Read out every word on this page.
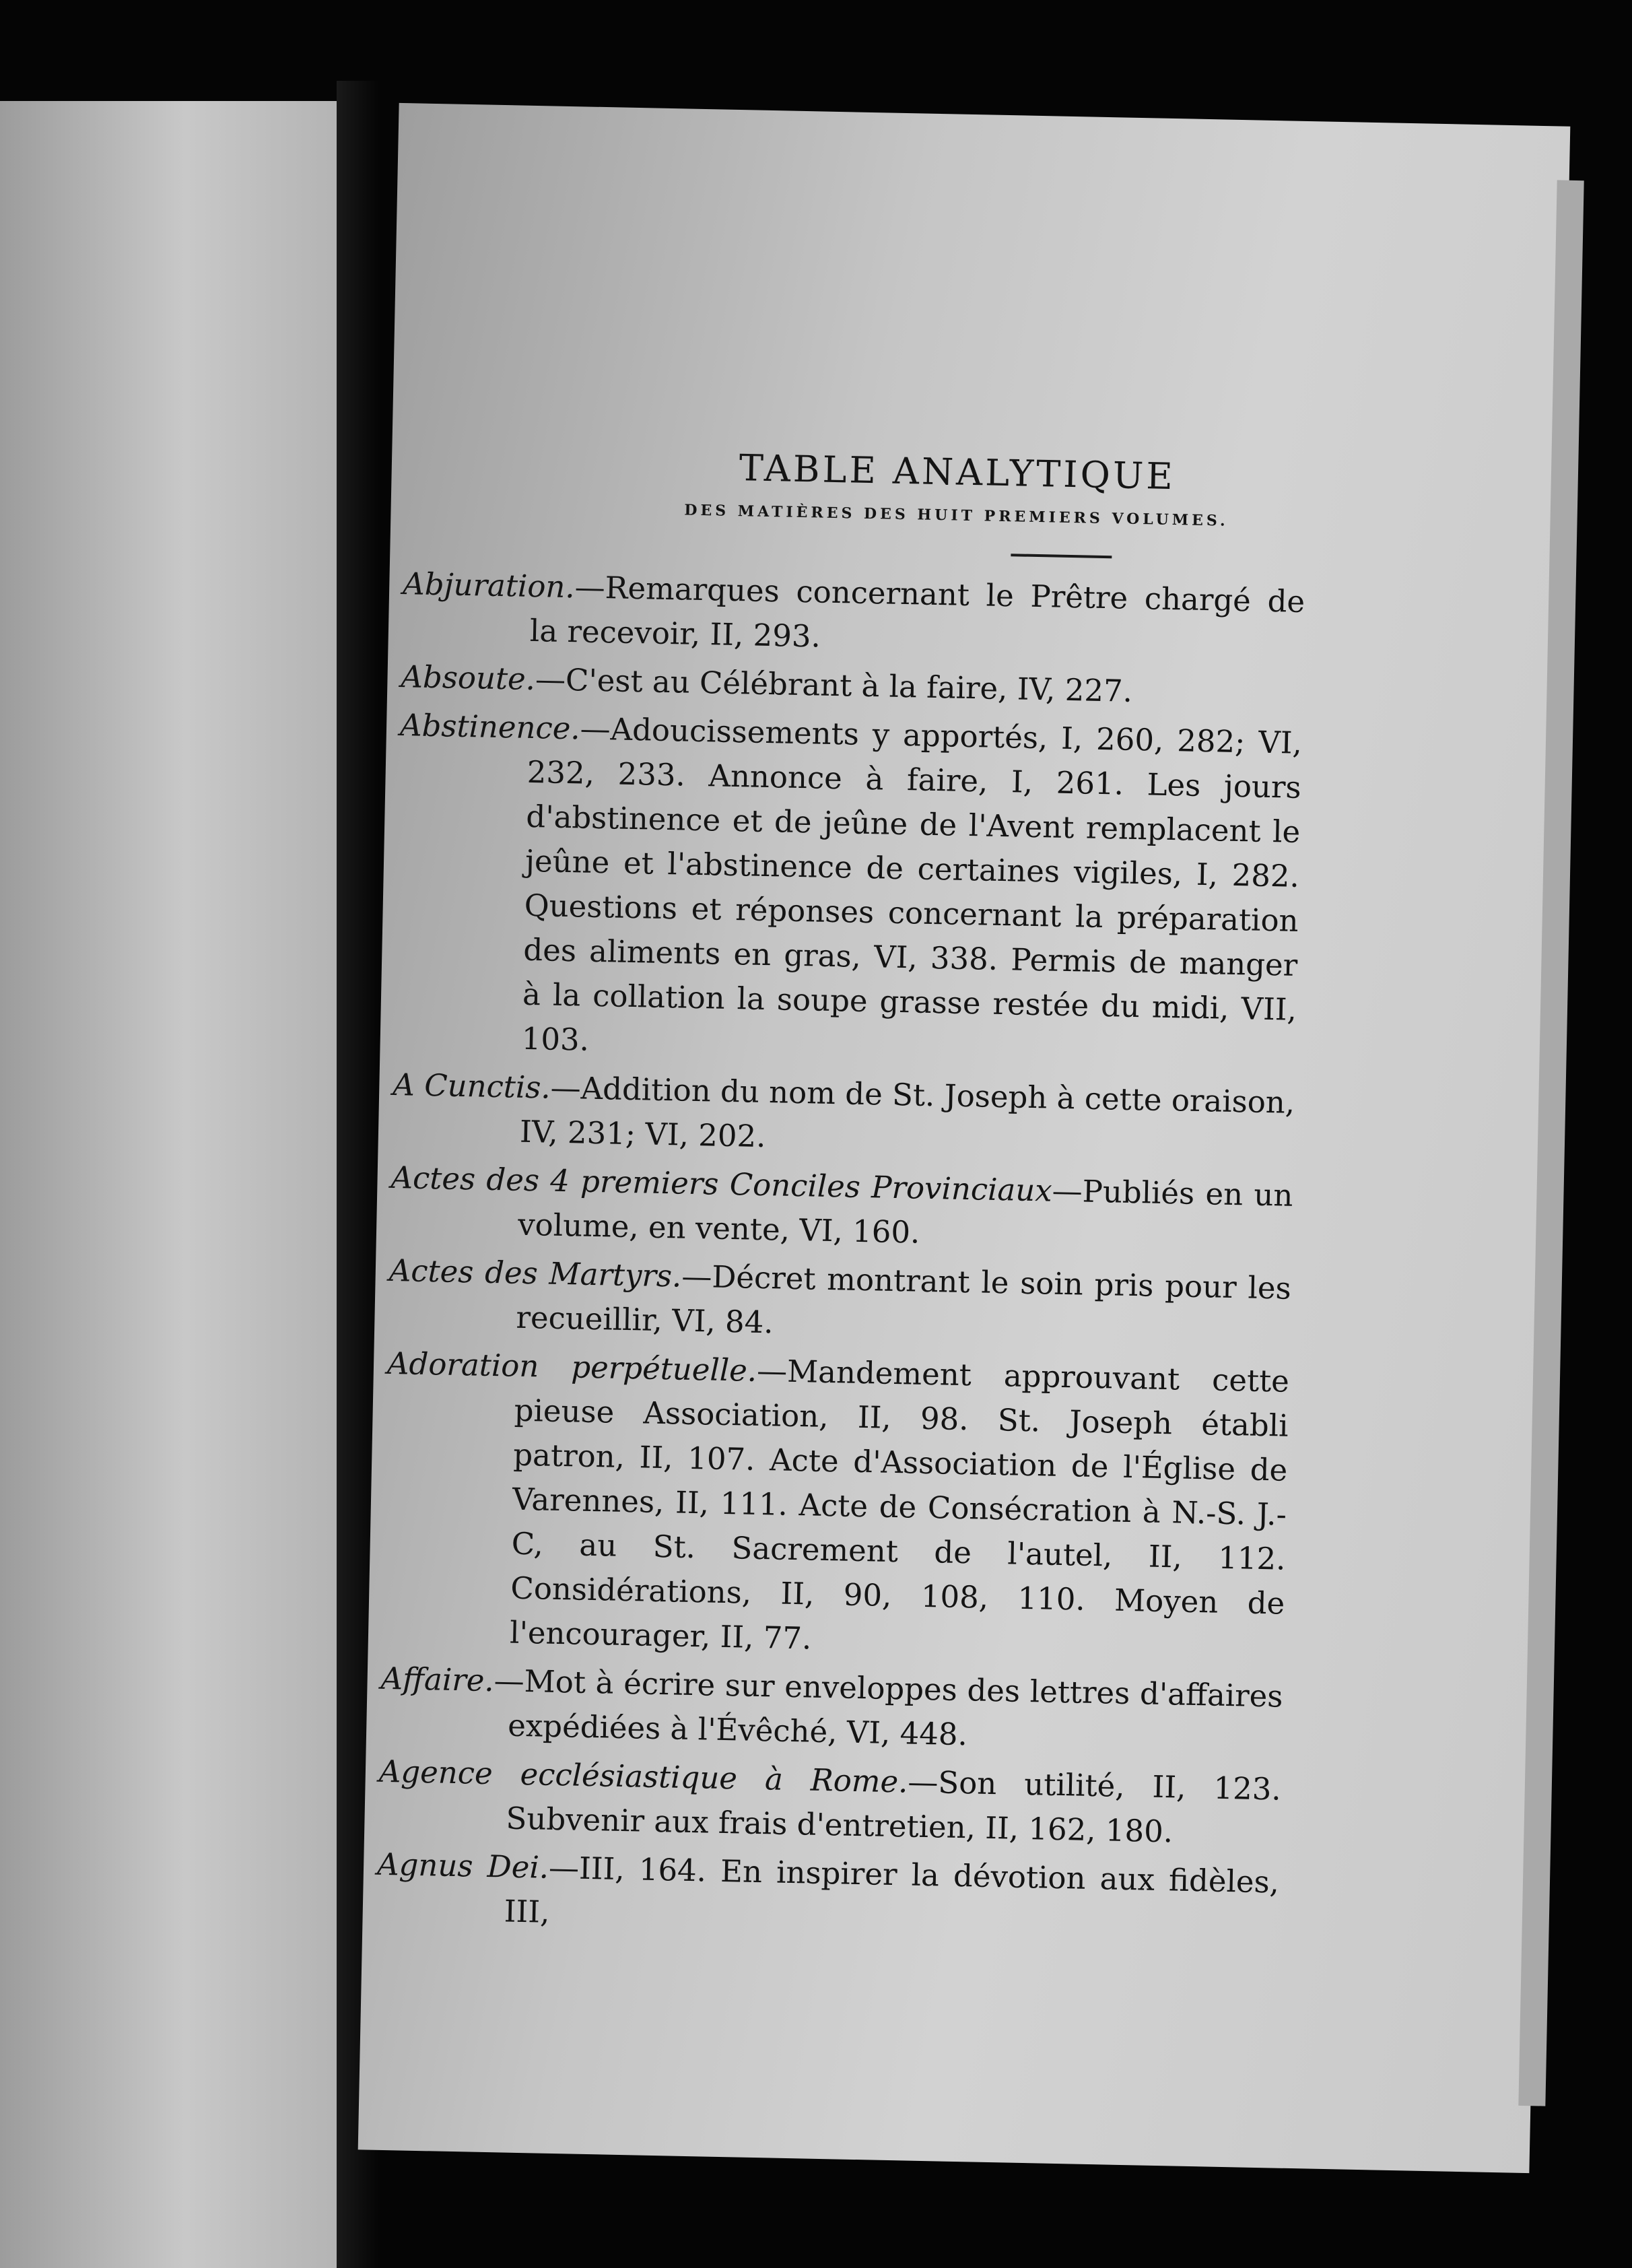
TABLE ANALYTIQUE
DES MATIÈRES DES HUIT PREMIERS VOLUMES.
Abjuration.—Remarques concernant le Prêtre chargé de la recevoir, II, 293.
Absoute.—C'est au Célébrant à la faire, IV, 227.
Abstinence.—Adoucissements y apportés, I, 260, 282; VI, 232, 233. Annonce à faire, I, 261. Les jours d'abstinence et de jeûne de l'Avent remplacent le jeûne et l'abstinence de certaines vigiles, I, 282. Questions et réponses concernant la préparation des aliments en gras, VI, 338. Permis de manger à la collation la soupe grasse restée du midi, VII, 103.
A Cunctis.—Addition du nom de St. Joseph à cette oraison, IV, 231; VI, 202.
Actes des 4 premiers Conciles Provinciaux—Publiés en un volume, en vente, VI, 160.
Actes des Martyrs.—Décret montrant le soin pris pour les recueillir, VI, 84.
Adoration perpétuelle.—Mandement approuvant cette pieuse Association, II, 98. St. Joseph établi patron, II, 107. Acte d'Association de l'Église de Varennes, II, 111. Acte de Consécration à N.-S. J.-C, au St. Sacrement de l'autel, II, 112. Considérations, II, 90, 108, 110. Moyen de l'encourager, II, 77.
Affaire.—Mot à écrire sur enveloppes des lettres d'affaires expédiées à l'Évêché, VI, 448.
Agence ecclésiastique à Rome.—Son utilité, II, 123. Subvenir aux frais d'entretien, II, 162, 180.
Agnus Dei.—III, 164. En inspirer la dévotion aux fidèles, III,
